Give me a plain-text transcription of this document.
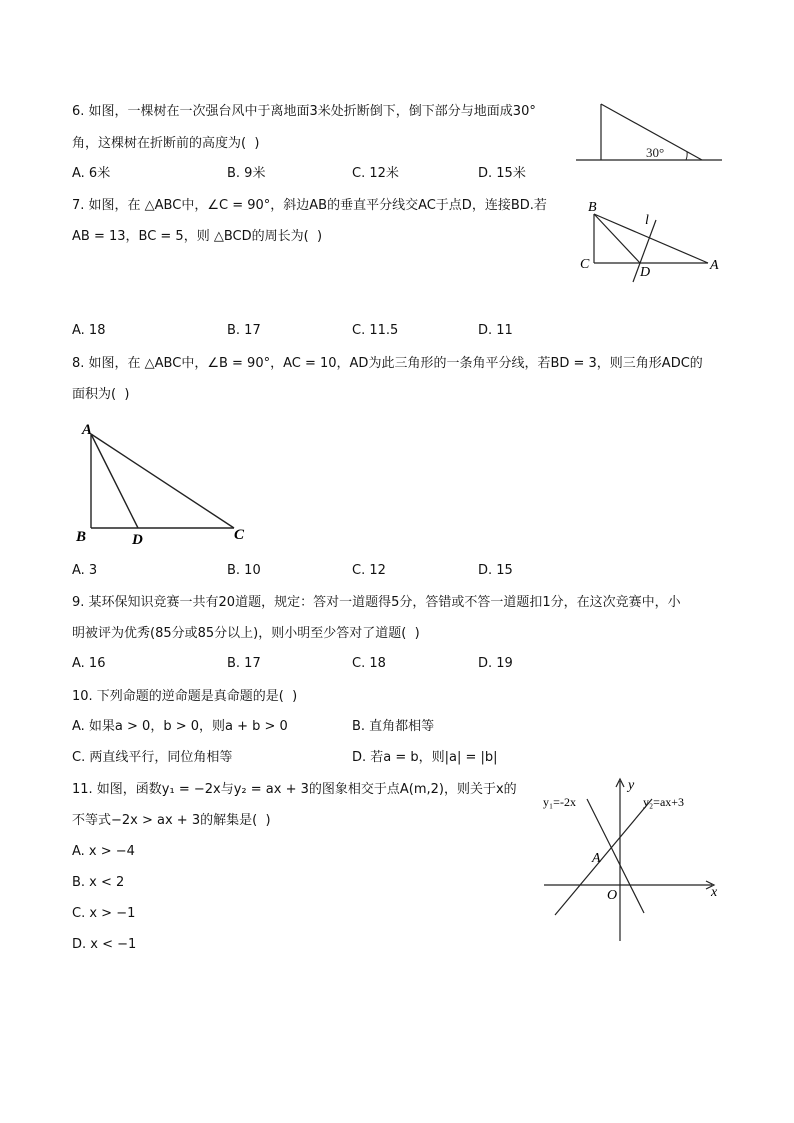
6. 如图，一棵树在一次强台风中于离地面3米处折断倒下，倒下部分与地面成30°
角，这棵树在折断前的高度为(  )
A. 6米	B. 9米	C. 12米	D. 15米
30°
7. 如图，在 △ABC中，∠C = 90°，斜边AB的垂直平分线交AC于点D，连接BD.若
AB = 13，BC = 5，则 △BCD的周长为(  )
A. 18	B. 17	C. 11.5	D. 11
B
C
D	A
l
8. 如图，在 △ABC中，∠B = 90°，AC = 10，AD为此三角形的一条角平分线，若BD = 3，则三角形ADC的
面积为(  )
A
B	D	C
A. 3	B. 10	C. 12	D. 15
9. 某环保知识竞赛一共有20道题，规定：答对一道题得5分，答错或不答一道题扣1分，在这次竞赛中，小
明被评为优秀(85分或85分以上)，则小明至少答对了道题(  )
A. 16	B. 17	C. 18	D. 19
10. 下列命题的逆命题是真命题的是(  )
A. 如果a > 0，b > 0，则a + b > 0	B. 直角都相等
C. 两直线平行，同位角相等	D. 若a = b，则|a| = |b|
11. 如图，函数y₁ = −2x与y₂ = ax + 3的图象相交于点A(m,2)，则关于x的
不等式−2x > ax + 3的解集是(  )
A. x > −4
B. x < 2
C. x > −1
D. x < −1
y₁=-2x	y₂=ax+3
y
x
A
O
